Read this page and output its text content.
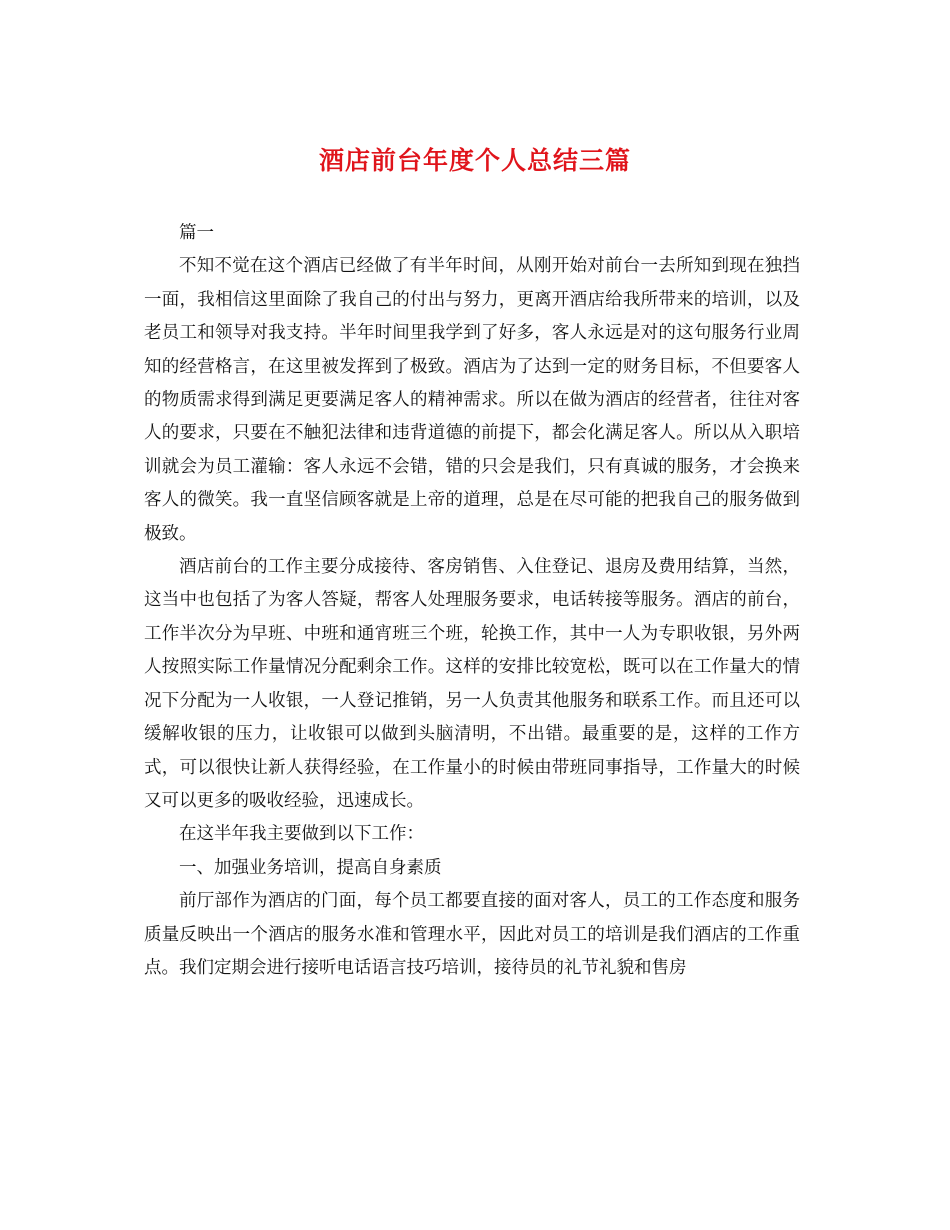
酒店前台年度个人总结三篇

篇一

不知不觉在这个酒店已经做了有半年时间，从刚开始对前台一去所知到现在独挡一面，我相信这里面除了我自己的付出与努力，更离开酒店给我所带来的培训，以及老员工和领导对我支持。半年时间里我学到了好多，客人永远是对的这句服务行业周知的经营格言，在这里被发挥到了极致。酒店为了达到一定的财务目标，不但要客人的物质需求得到满足更要满足客人的精神需求。所以在做为酒店的经营者，往往对客人的要求，只要在不触犯法律和违背道德的前提下，都会化满足客人。所以从入职培训就会为员工灌输：客人永远不会错，错的只会是我们，只有真诚的服务，才会换来客人的微笑。我一直坚信顾客就是上帝的道理，总是在尽可能的把我自己的服务做到极致。

酒店前台的工作主要分成接待、客房销售、入住登记、退房及费用结算，当然，这当中也包括了为客人答疑，帮客人处理服务要求，电话转接等服务。酒店的前台，工作半次分为早班、中班和通宵班三个班，轮换工作，其中一人为专职收银，另外两人按照实际工作量情况分配剩余工作。这样的安排比较宽松，既可以在工作量大的情况下分配为一人收银，一人登记推销，另一人负责其他服务和联系工作。而且还可以缓解收银的压力，让收银可以做到头脑清明，不出错。最重要的是，这样的工作方式，可以很快让新人获得经验，在工作量小的时候由带班同事指导，工作量大的时候又可以更多的吸收经验，迅速成长。

在这半年我主要做到以下工作：

一、加强业务培训，提高自身素质

前厅部作为酒店的门面，每个员工都要直接的面对客人，员工的工作态度和服务质量反映出一个酒店的服务水准和管理水平，因此对员工的培训是我们酒店的工作重点。我们定期会进行接听电话语言技巧培训，接待员的礼节礼貌和售房
